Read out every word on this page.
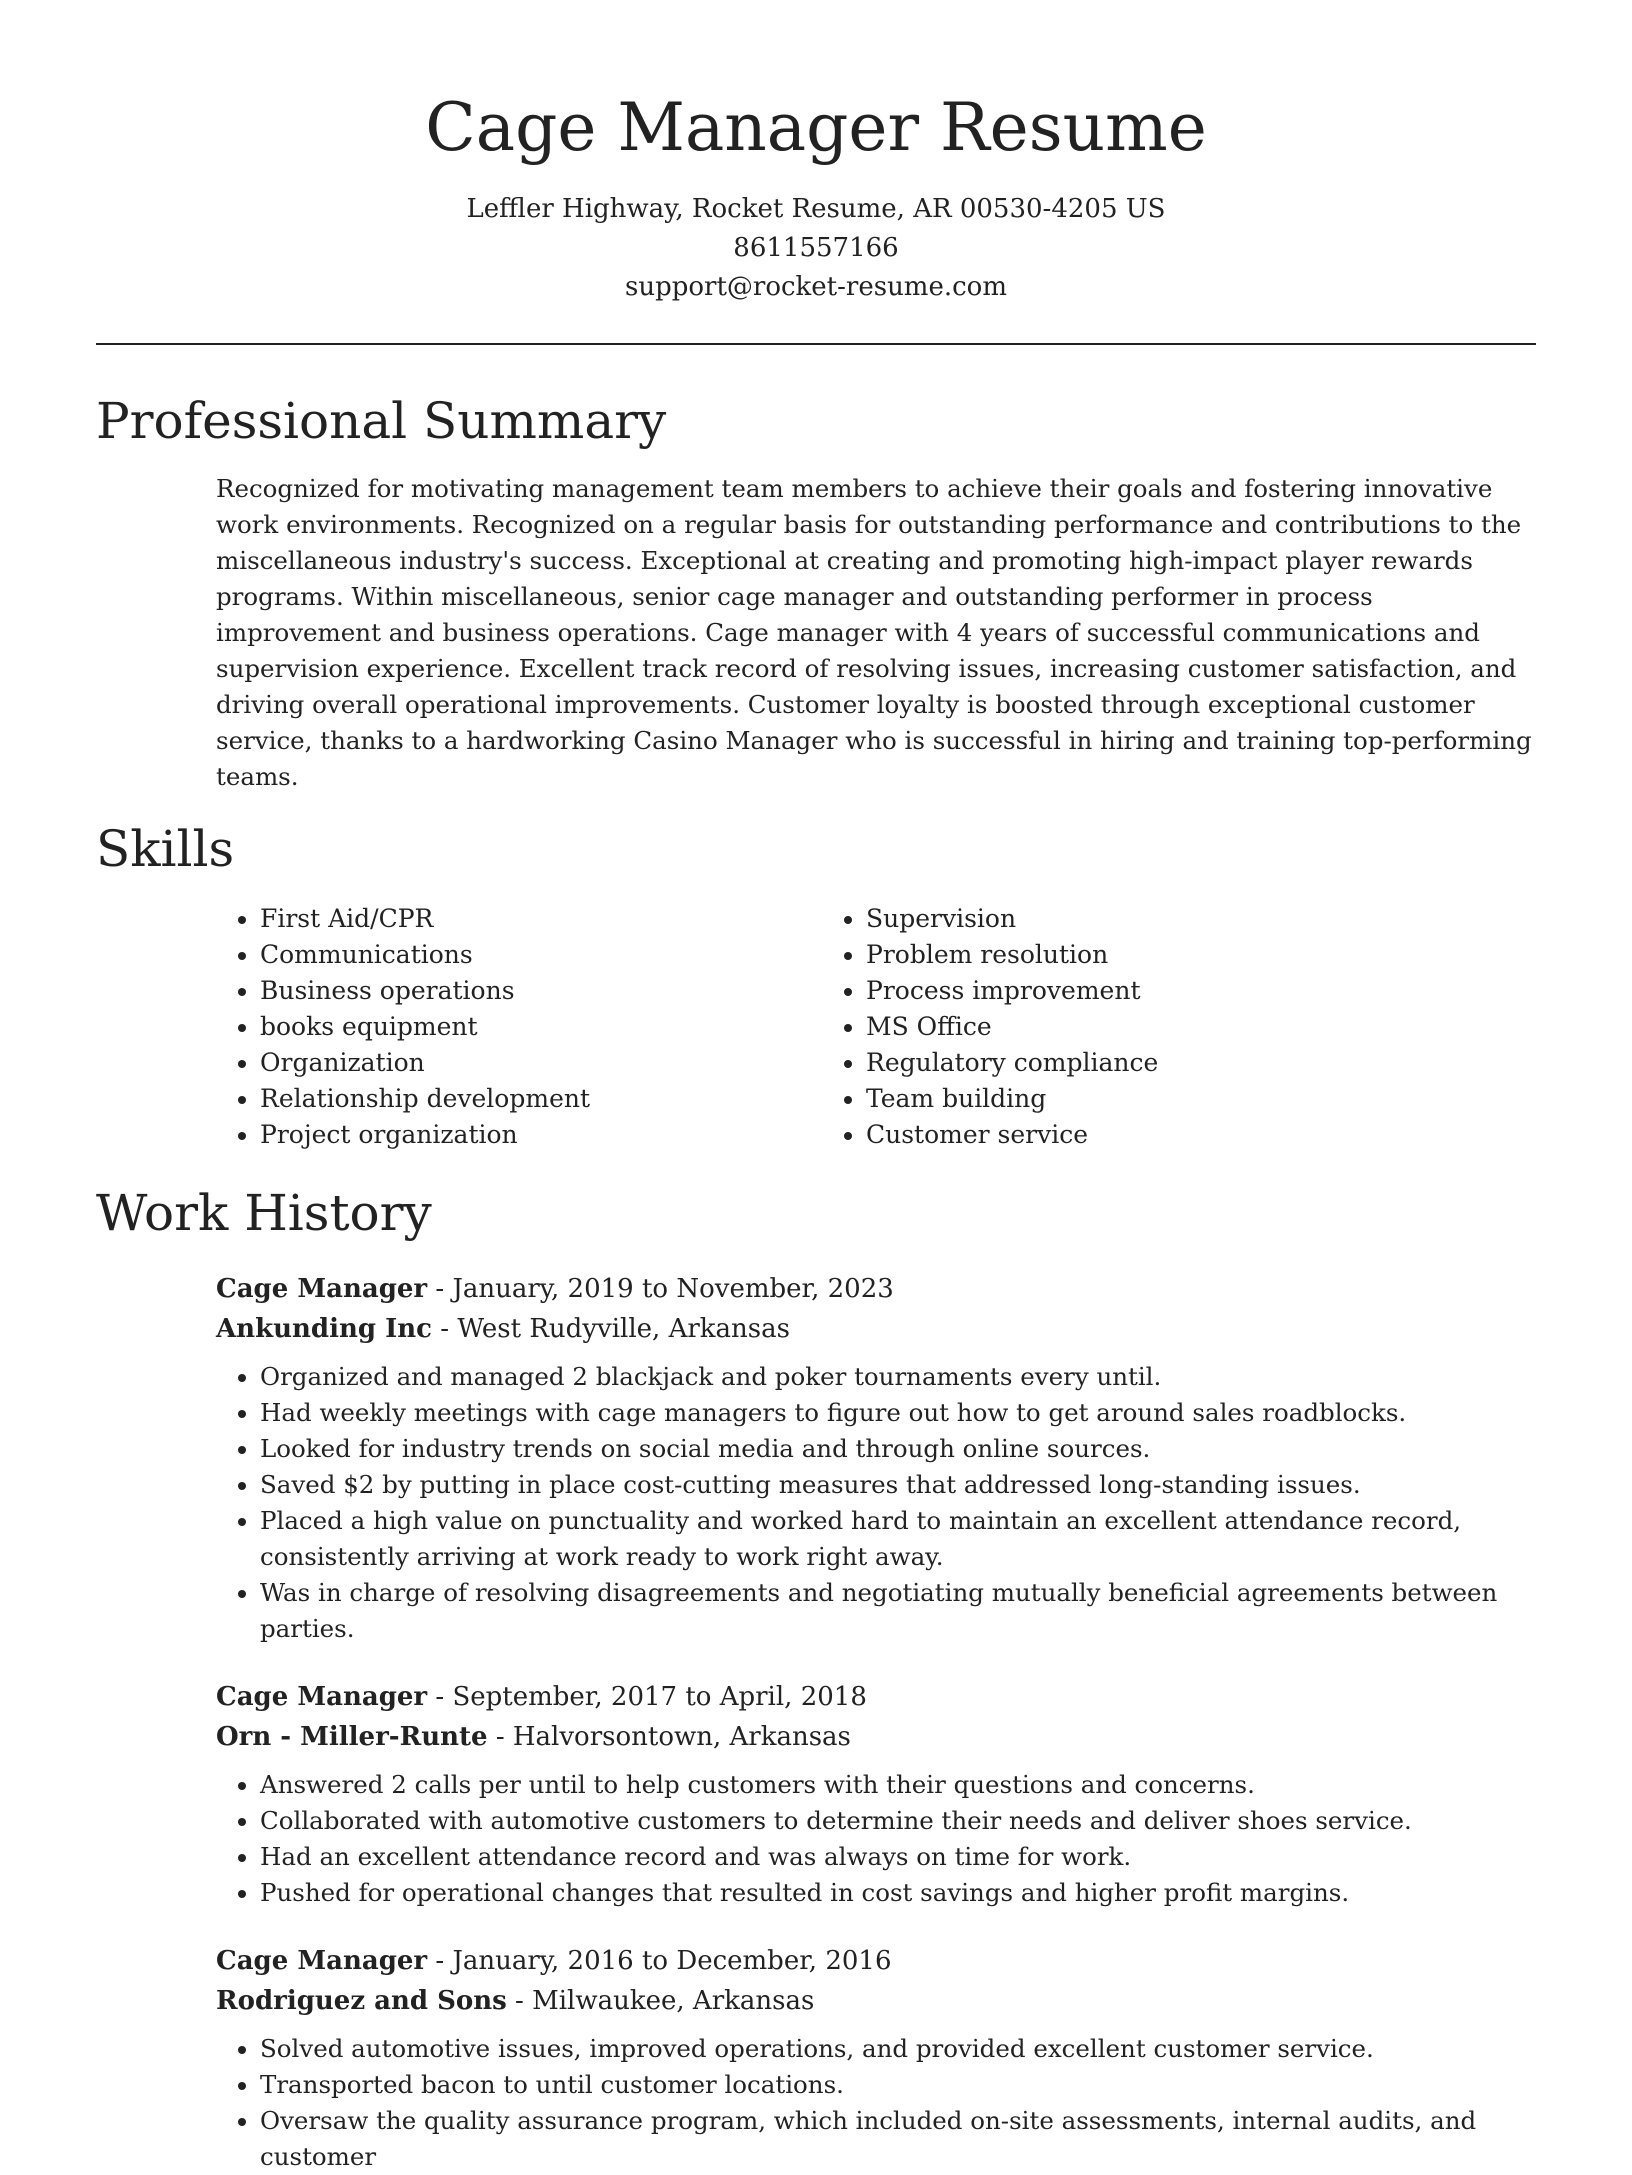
Cage Manager Resume

Leffler Highway, Rocket Resume, AR 00530-4205 US

8611557166

support@rocket-resume.com

Professional Summary

Recognized for motivating management team members to achieve their goals and fostering innovative work environments. Recognized on a regular basis for outstanding performance and contributions to the miscellaneous industry's success. Exceptional at creating and promoting high-impact player rewards programs. Within miscellaneous, senior cage manager and outstanding performer in process improvement and business operations. Cage manager with 4 years of successful communications and supervision experience. Excellent track record of resolving issues, increasing customer satisfaction, and driving overall operational improvements. Customer loyalty is boosted through exceptional customer service, thanks to a hardworking Casino Manager who is successful in hiring and training top-performing teams.

Skills
• First Aid/CPR
• Communications
• Business operations
• books equipment
• Organization
• Relationship development
• Project organization
• Supervision
• Problem resolution
• Process improvement
• MS Office
• Regulatory compliance
• Team building
• Customer service
Work History

Cage Manager - January, 2019 to November, 2023

Ankunding Inc - West Rudyville, Arkansas

• Organized and managed 2 blackjack and poker tournaments every until.
• Had weekly meetings with cage managers to figure out how to get around sales roadblocks.
• Looked for industry trends on social media and through online sources.
• Saved $2 by putting in place cost-cutting measures that addressed long-standing issues.
• Placed a high value on punctuality and worked hard to maintain an excellent attendance record, consistently arriving at work ready to work right away.
• Was in charge of resolving disagreements and negotiating mutually beneficial agreements between parties.

Cage Manager - September, 2017 to April, 2018

Orn - Miller-Runte - Halvorsontown, Arkansas

• Answered 2 calls per until to help customers with their questions and concerns.
• Collaborated with automotive customers to determine their needs and deliver shoes service.
• Had an excellent attendance record and was always on time for work.
• Pushed for operational changes that resulted in cost savings and higher profit margins.

Cage Manager - January, 2016 to December, 2016

Rodriguez and Sons - Milwaukee, Arkansas

• Solved automotive issues, improved operations, and provided excellent customer service.
• Transported bacon to until customer locations.
• Oversaw the quality assurance program, which included on-site assessments, internal audits, and customer
